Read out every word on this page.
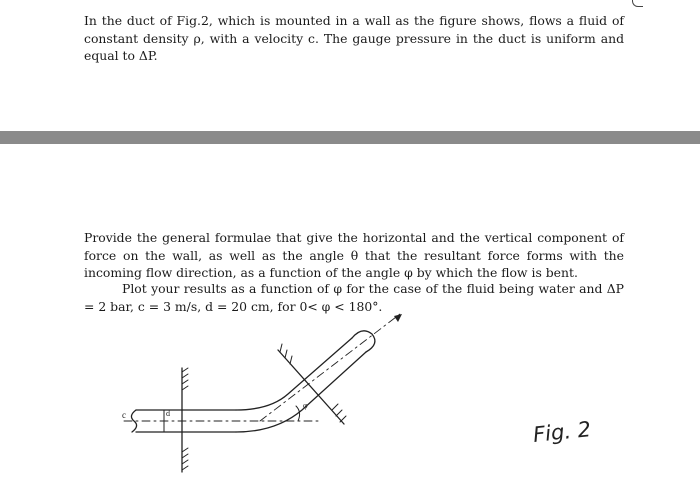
In the duct of Fig.2, which is mounted in a wall as the figure shows, flows a fluid of constant density ρ, with a velocity c. The gauge pressure in the duct is uniform and equal to ΔP.

Provide the general formulae that give the horizontal and the vertical component of force on the wall, as well as the angle θ that the resultant force forms with the incoming flow direction, as a function of the angle φ by which the flow is bent.

Plot your results as a function of φ for the case of the fluid being water and ΔP = 2 bar, c = 3 m/s, d = 20 cm, for 0< φ < 180°.

c	d
φ
Fig. 2
